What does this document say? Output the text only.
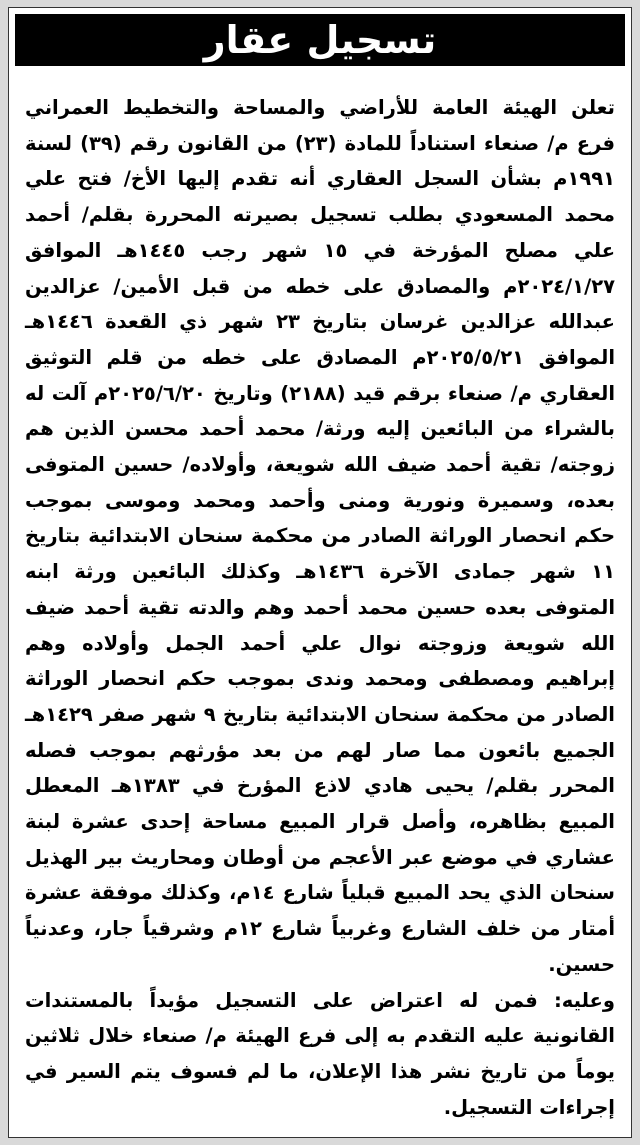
تسجيل عقار

تعلن الهيئة العامة للأراضي والمساحة والتخطيط العمراني فرع م/ صنعاء استناداً للمادة (٢٣) من القانون رقم (٣٩) لسنة ١٩٩١م بشأن السجل العقاري أنه تقدم إليها الأخ/ فتح علي محمد المسعودي بطلب تسجيل بصيرته المحررة بقلم/ أحمد علي مصلح المؤرخة في ١٥ شهر رجب ١٤٤٥هـ الموافق ٢٠٢٤/١/٢٧م والمصادق على خطه من قبل الأمين/ عزالدين عبدالله عزالدين غرسان بتاريخ ٢٣ شهر ذي القعدة ١٤٤٦هـ الموافق ٢٠٢٥/٥/٢١م المصادق على خطه من قلم التوثيق العقاري م/ صنعاء برقم قيد (٢١٨٨) وتاريخ ٢٠٢٥/٦/٢٠م آلت له بالشراء من البائعين إليه ورثة/ محمد أحمد محسن الذين هم زوجته/ تقية أحمد ضيف الله شويعة، وأولاده/ حسين المتوفى بعده، وسميرة ونورية ومنى وأحمد ومحمد وموسى بموجب حكم انحصار الوراثة الصادر من محكمة سنحان الابتدائية بتاريخ ١١ شهر جمادى الآخرة ١٤٣٦هـ وكذلك البائعين ورثة ابنه المتوفى بعده حسين محمد أحمد وهم والدته تقية أحمد ضيف الله شويعة وزوجته نوال علي أحمد الجمل وأولاده وهم إبراهيم ومصطفى ومحمد وندى بموجب حكم انحصار الوراثة الصادر من محكمة سنحان الابتدائية بتاريخ ٩ شهر صفر ١٤٢٩هـ الجميع بائعون مما صار لهم من بعد مؤرثهم بموجب فصله المحرر بقلم/ يحيى هادي لاذع المؤرخ في ١٣٨٣هـ المعطل المبيع بظاهره، وأصل قرار المبيع مساحة إحدى عشرة لبنة عشاري في موضع عبر الأعجم من أوطان ومحاريث بير الهذيل سنحان الذي يحد المبيع قبلياً شارع ١٤م، وكذلك موفقة عشرة أمتار من خلف الشارع وغربياً شارع ١٢م وشرقياً جار، وعدنياً حسين.

وعليه: فمن له اعتراض على التسجيل مؤيداً بالمستندات القانونية عليه التقدم به إلى فرع الهيئة م/ صنعاء خلال ثلاثين يوماً من تاريخ نشر هذا الإعلان، ما لم فسوف يتم السير في إجراءات التسجيل.
